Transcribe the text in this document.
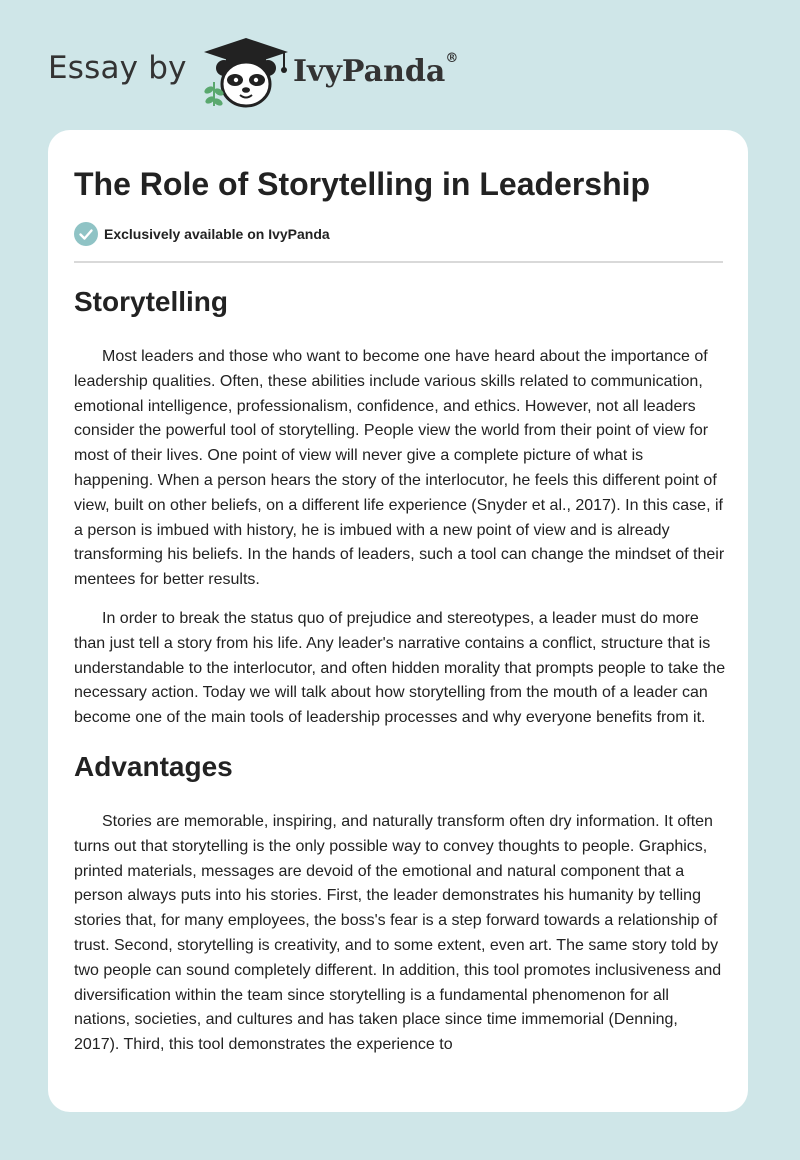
Essay by	IvyPanda®
The Role of Storytelling in Leadership
Exclusively available on IvyPanda
Storytelling

Most leaders and those who want to become one have heard about the importance of leadership qualities. Often, these abilities include various skills related to communication, emotional intelligence, professionalism, confidence, and ethics. However, not all leaders consider the powerful tool of storytelling. People view the world from their point of view for most of their lives. One point of view will never give a complete picture of what is happening. When a person hears the story of the interlocutor, he feels this different point of view, built on other beliefs, on a different life experience (Snyder et al., 2017). In this case, if a person is imbued with history, he is imbued with a new point of view and is already transforming his beliefs. In the hands of leaders, such a tool can change the mindset of their mentees for better results.

In order to break the status quo of prejudice and stereotypes, a leader must do more than just tell a story from his life. Any leader's narrative contains a conflict, structure that is understandable to the interlocutor, and often hidden morality that prompts people to take the necessary action. Today we will talk about how storytelling from the mouth of a leader can become one of the main tools of leadership processes and why everyone benefits from it.

Advantages

Stories are memorable, inspiring, and naturally transform often dry information. It often turns out that storytelling is the only possible way to convey thoughts to people. Graphics, printed materials, messages are devoid of the emotional and natural component that a person always puts into his stories. First, the leader demonstrates his humanity by telling stories that, for many employees, the boss's fear is a step forward towards a relationship of trust. Second, storytelling is creativity, and to some extent, even art. The same story told by two people can sound completely different. In addition, this tool promotes inclusiveness and diversification within the team since storytelling is a fundamental phenomenon for all nations, societies, and cultures and has taken place since time immemorial (Denning, 2017). Third, this tool demonstrates the experience to
